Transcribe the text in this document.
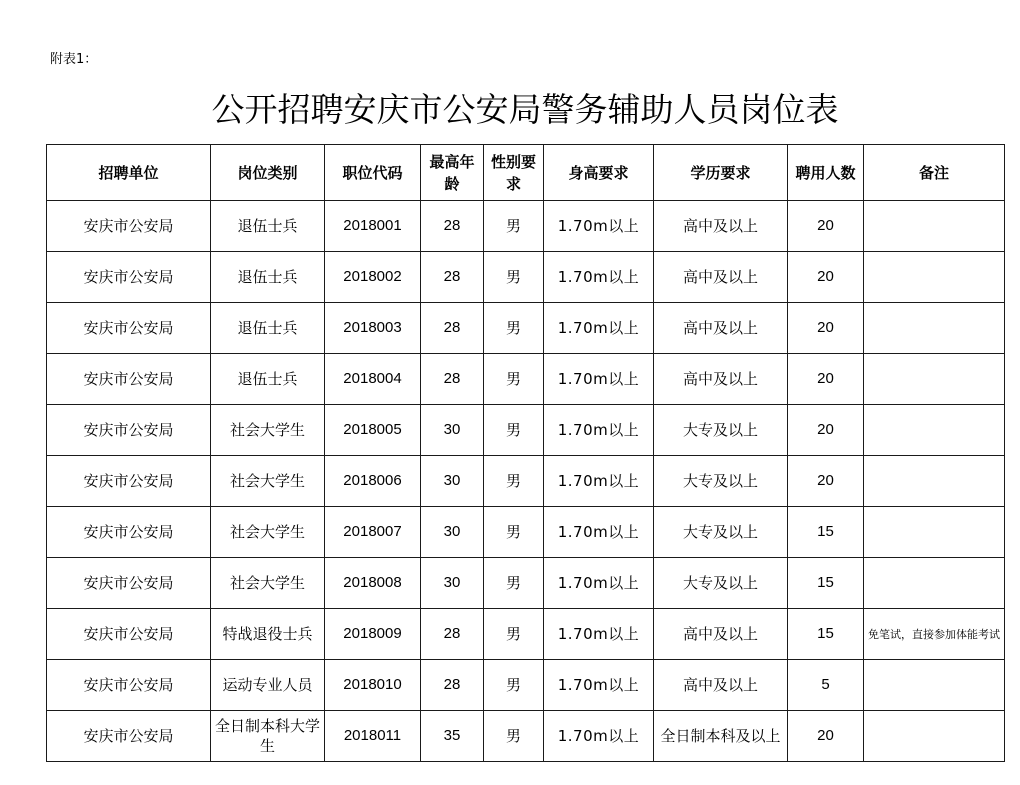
附表1：
公开招聘安庆市公安局警务辅助人员岗位表
招聘单位	岗位类别	职位代码	最高年龄	性别要求	身高要求	学历要求	聘用人数	备注
安庆市公安局	退伍士兵	2018001	28	男	1.70m以上	高中及以上	20	
安庆市公安局	退伍士兵	2018002	28	男	1.70m以上	高中及以上	20	
安庆市公安局	退伍士兵	2018003	28	男	1.70m以上	高中及以上	20	
安庆市公安局	退伍士兵	2018004	28	男	1.70m以上	高中及以上	20	
安庆市公安局	社会大学生	2018005	30	男	1.70m以上	大专及以上	20	
安庆市公安局	社会大学生	2018006	30	男	1.70m以上	大专及以上	20	
安庆市公安局	社会大学生	2018007	30	男	1.70m以上	大专及以上	15	
安庆市公安局	社会大学生	2018008	30	男	1.70m以上	大专及以上	15	
安庆市公安局	特战退役士兵	2018009	28	男	1.70m以上	高中及以上	15	免笔试，直接参加体能考试
安庆市公安局	运动专业人员	2018010	28	男	1.70m以上	高中及以上	5	
安庆市公安局	全日制本科大学生	2018011	35	男	1.70m以上	全日制本科及以上	20	
